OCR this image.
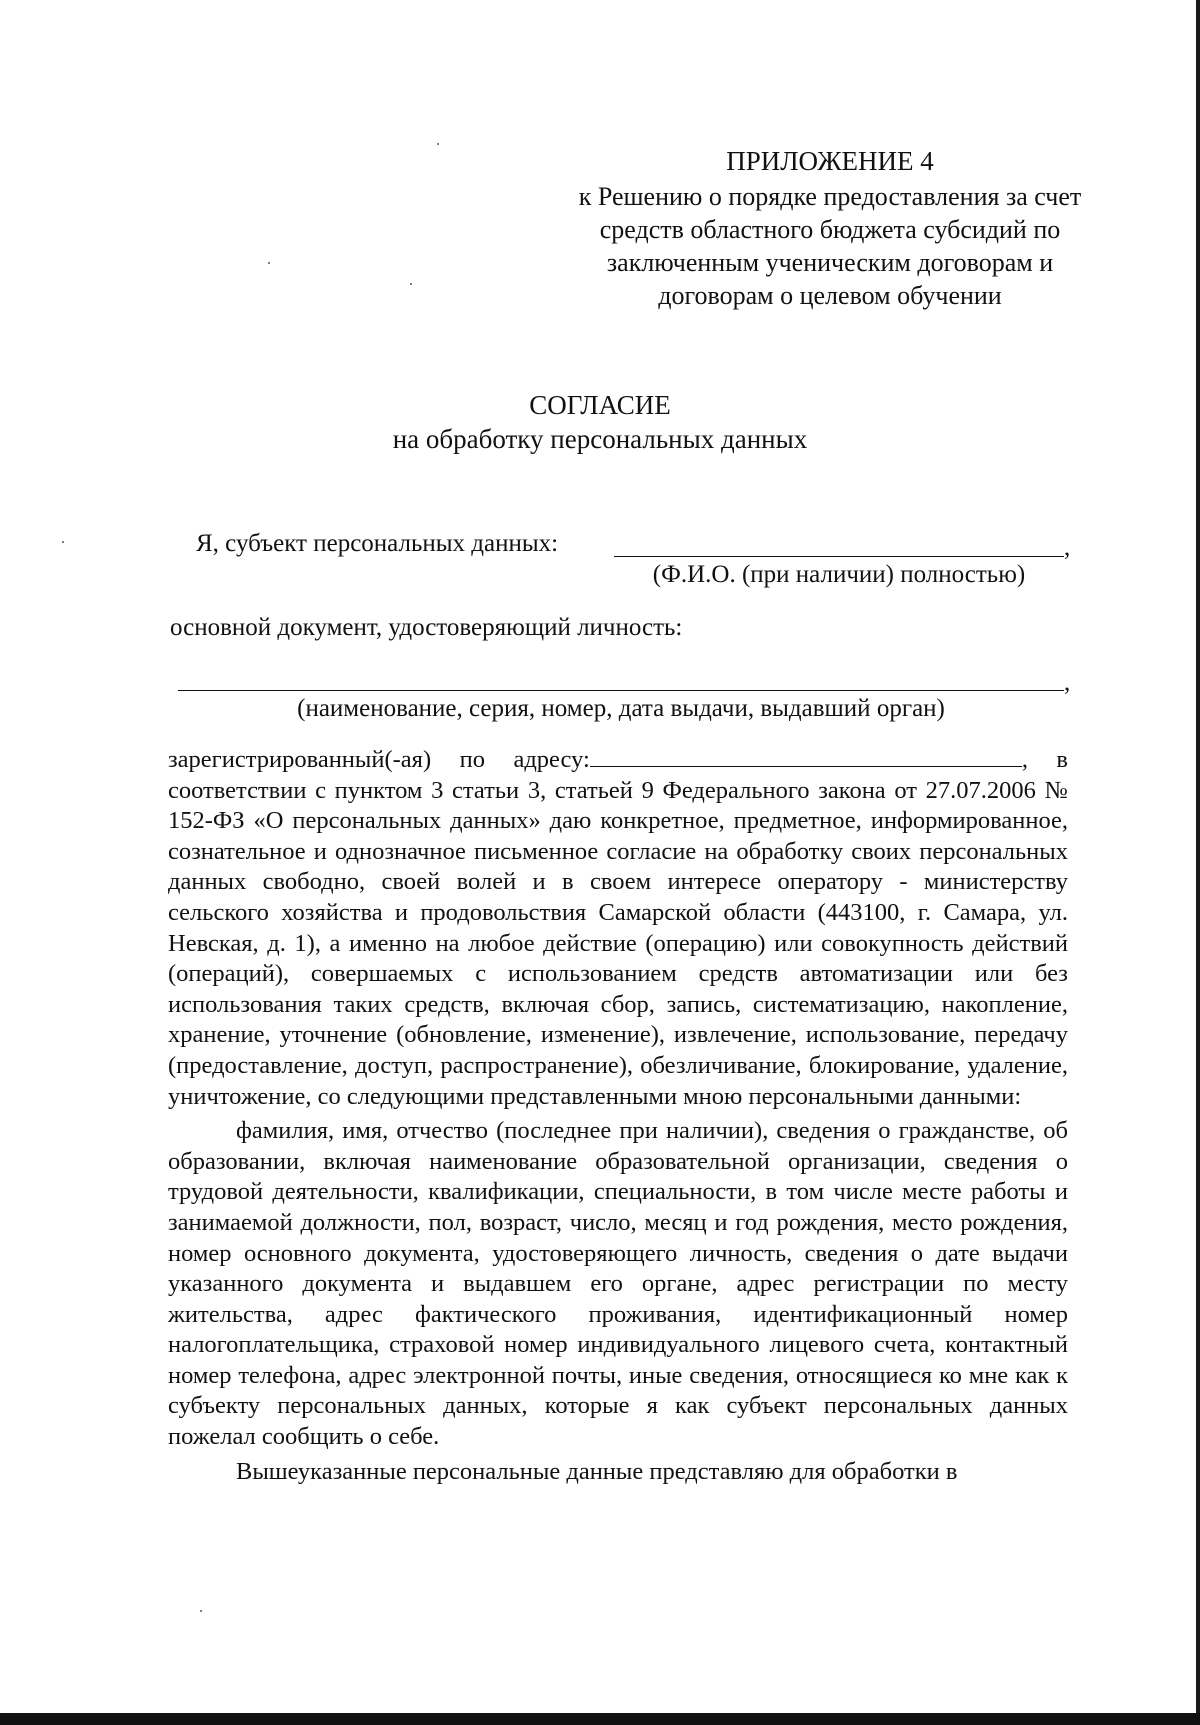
ПРИЛОЖЕНИЕ 4
к Решению о порядке предоставления за счет
средств областного бюджета субсидий по
заключенным ученическим договорам и
договорам о целевом обучении
СОГЛАСИЕ
на обработку персональных данных
Я, субъект персональных данных:	,
(Ф.И.О. (при наличии) полностью)
основной документ, удостоверяющий личность:
,
(наименование, серия, номер, дата выдачи, выдавший орган)

зарегистрированный(-ая) по адресу:	, в

соответствии с пунктом 3 статьи 3, статьей 9 Федерального закона от 27.07.2006 № 152-ФЗ «О персональных данных» даю конкретное, предметное, информированное, сознательное и однозначное письменное согласие на обработку своих персональных данных свободно, своей волей и в своем интересе оператору - министерству сельского хозяйства и продовольствия Самарской области (443100, г. Самара, ул. Невская, д. 1), а именно на любое действие (операцию) или совокупность действий (операций), совершаемых с использованием средств автоматизации или без использования таких средств, включая сбор, запись, систематизацию, накопление, хранение, уточнение (обновление, изменение), извлечение, использование, передачу (предоставление, доступ, распространение), обезличивание, блокирование, удаление, уничтожение, со следующими представленными мною персональными данными:

фамилия, имя, отчество (последнее при наличии), сведения о гражданстве, об образовании, включая наименование образовательной организации, сведения о трудовой деятельности, квалификации, специальности, в том числе месте работы и занимаемой должности, пол, возраст, число, месяц и год рождения, место рождения, номер основного документа, удостоверяющего личность, сведения о дате выдачи указанного документа и выдавшем его органе, адрес регистрации по месту жительства, адрес фактического проживания, идентификационный номер налогоплательщика, страховой номер индивидуального лицевого счета, контактный номер телефона, адрес электронной почты, иные сведения, относящиеся ко мне как к субъекту персональных данных, которые я как субъект персональных данных пожелал сообщить о себе.

Вышеуказанные персональные данные представляю для обработки в
